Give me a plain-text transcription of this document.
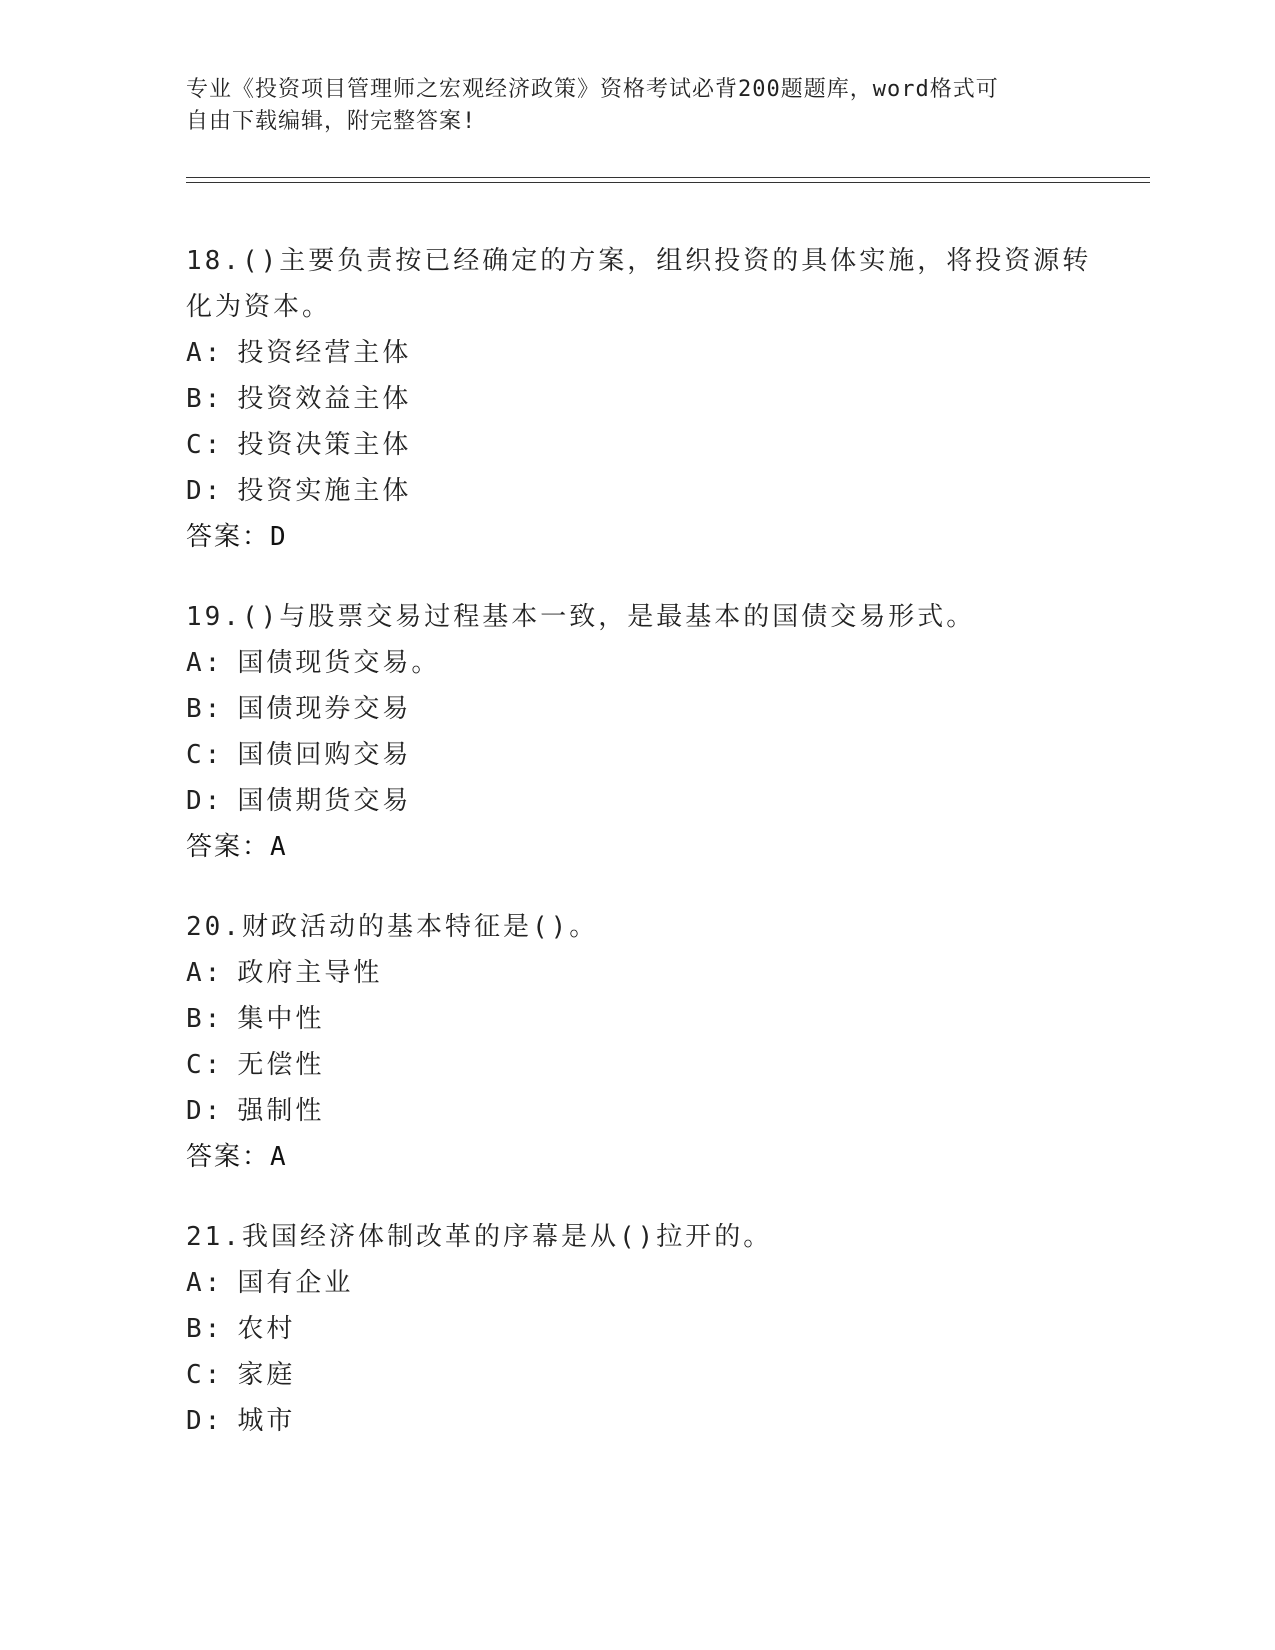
专业《投资项目管理师之宏观经济政策》资格考试必背200题题库，word格式可
自由下载编辑，附完整答案!
18.()主要负责按已经确定的方案，组织投资的具体实施，将投资源转
化为资本。
A: 投资经营主体
B: 投资效益主体
C: 投资决策主体
D: 投资实施主体
答案：D
19.()与股票交易过程基本一致，是最基本的国债交易形式。
A: 国债现货交易。
B: 国债现券交易
C: 国债回购交易
D: 国债期货交易
答案：A
20.财政活动的基本特征是()。
A: 政府主导性
B: 集中性
C: 无偿性
D: 强制性
答案：A
21.我国经济体制改革的序幕是从()拉开的。
A: 国有企业
B: 农村
C: 家庭
D: 城市
